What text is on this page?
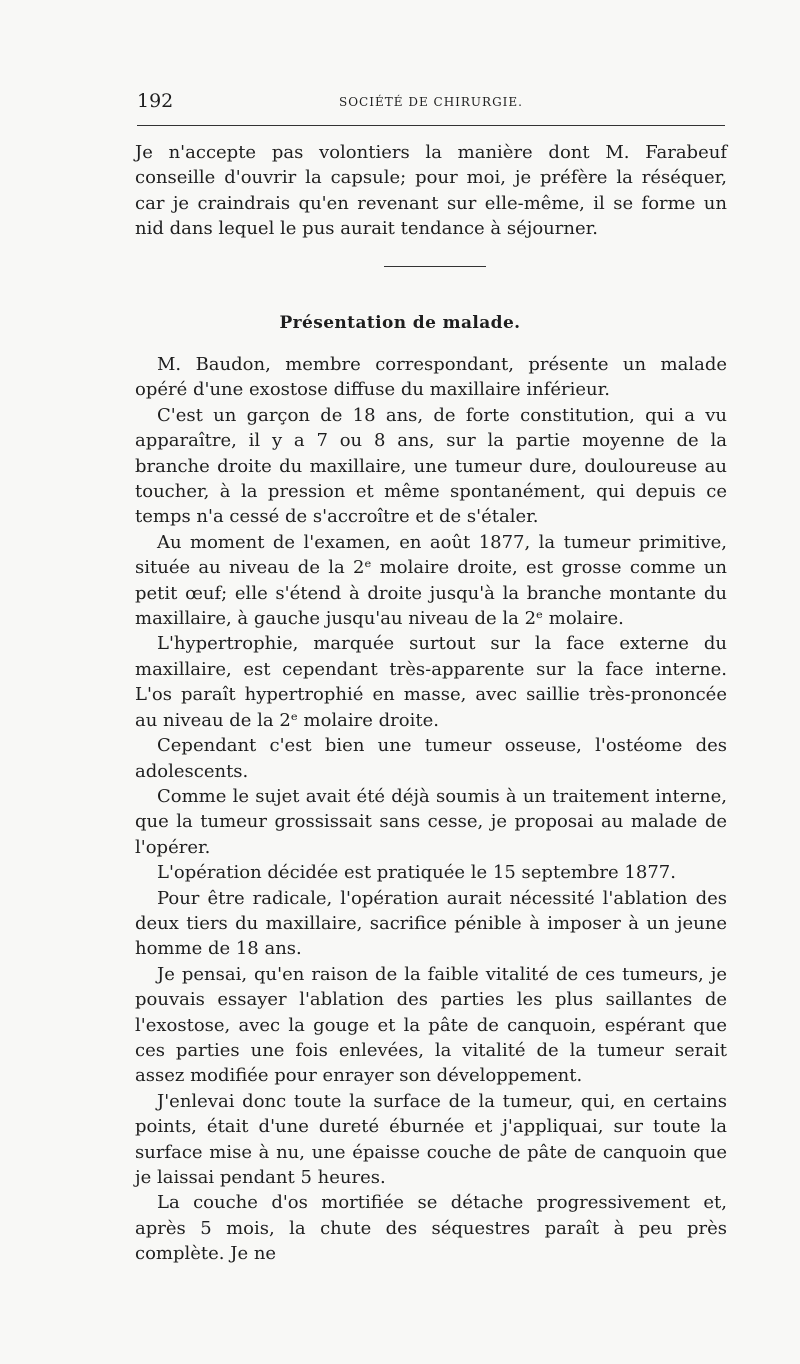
192	SOCIÉTÉ DE CHIRURGIE.

Je n'accepte pas volontiers la manière dont M. Farabeuf conseille d'ouvrir la capsule; pour moi, je préfère la réséquer, car je craindrais qu'en revenant sur elle-même, il se forme un nid dans lequel le pus aurait tendance à séjourner.

Présentation de malade.

M. Baudon, membre correspondant, présente un malade opéré d'une exostose diffuse du maxillaire inférieur.

C'est un garçon de 18 ans, de forte constitution, qui a vu apparaître, il y a 7 ou 8 ans, sur la partie moyenne de la branche droite du maxillaire, une tumeur dure, douloureuse au toucher, à la pression et même spontanément, qui depuis ce temps n'a cessé de s'accroître et de s'étaler.

Au moment de l'examen, en août 1877, la tumeur primitive, située au niveau de la 2ᵉ molaire droite, est grosse comme un petit œuf; elle s'étend à droite jusqu'à la branche montante du maxillaire, à gauche jusqu'au niveau de la 2ᵉ molaire.

L'hypertrophie, marquée surtout sur la face externe du maxillaire, est cependant très-apparente sur la face interne. L'os paraît hypertrophié en masse, avec saillie très-prononcée au niveau de la 2ᵉ molaire droite.

Cependant c'est bien une tumeur osseuse, l'ostéome des adolescents.

Comme le sujet avait été déjà soumis à un traitement interne, que la tumeur grossissait sans cesse, je proposai au malade de l'opérer.

L'opération décidée est pratiquée le 15 septembre 1877.

Pour être radicale, l'opération aurait nécessité l'ablation des deux tiers du maxillaire, sacrifice pénible à imposer à un jeune homme de 18 ans.

Je pensai, qu'en raison de la faible vitalité de ces tumeurs, je pouvais essayer l'ablation des parties les plus saillantes de l'exostose, avec la gouge et la pâte de canquoin, espérant que ces parties une fois enlevées, la vitalité de la tumeur serait assez modifiée pour enrayer son développement.

J'enlevai donc toute la surface de la tumeur, qui, en certains points, était d'une dureté éburnée et j'appliquai, sur toute la surface mise à nu, une épaisse couche de pâte de canquoin que je laissai pendant 5 heures.

La couche d'os mortifiée se détache progressivement et, après 5 mois, la chute des séquestres paraît à peu près complète. Je ne
